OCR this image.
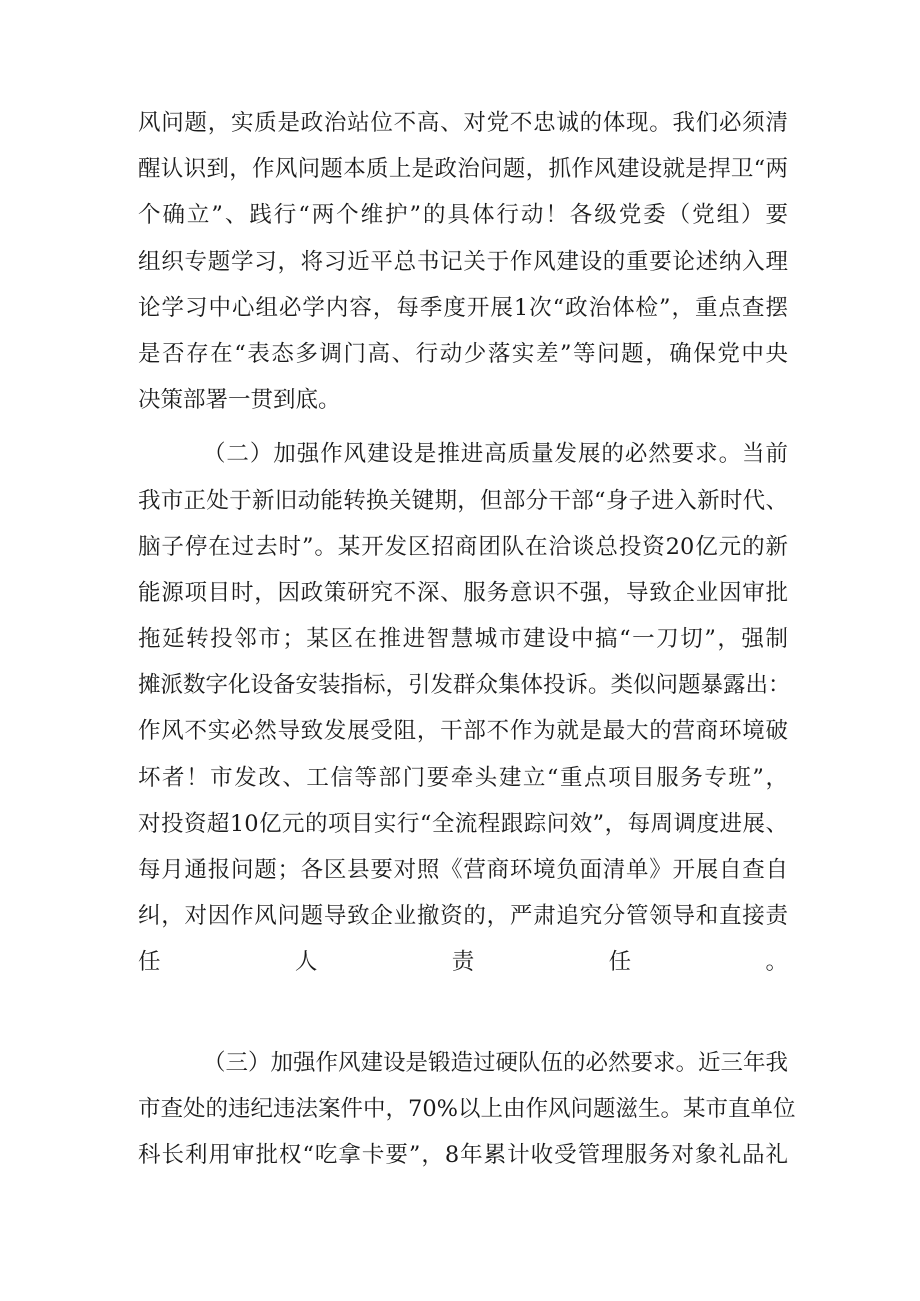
风问题，实质是政治站位不高、对党不忠诚的体现。我们必须清
醒认识到，作风问题本质上是政治问题，抓作风建设就是捍卫“两
个确立”、践行“两个维护”的具体行动！各级党委（党组）要
组织专题学习，将习近平总书记关于作风建设的重要论述纳入理
论学习中心组必学内容，每季度开展1次“政治体检”，重点查摆
是否存在“表态多调门高、行动少落实差”等问题，确保党中央
决策部署一贯到底。
（二）加强作风建设是推进高质量发展的必然要求。当前
我市正处于新旧动能转换关键期，但部分干部“身子进入新时代、
脑子停在过去时”。某开发区招商团队在洽谈总投资20亿元的新
能源项目时，因政策研究不深、服务意识不强，导致企业因审批
拖延转投邻市；某区在推进智慧城市建设中搞“一刀切”，强制
摊派数字化设备安装指标，引发群众集体投诉。类似问题暴露出：
作风不实必然导致发展受阻，干部不作为就是最大的营商环境破
坏者！市发改、工信等部门要牵头建立“重点项目服务专班”，
对投资超10亿元的项目实行“全流程跟踪问效”，每周调度进展、
每月通报问题；各区县要对照《营商环境负面清单》开展自查自
纠，对因作风问题导致企业撤资的，严肃追究分管领导和直接责
任人责任。
（三）加强作风建设是锻造过硬队伍的必然要求。近三年我
市查处的违纪违法案件中，70%以上由作风问题滋生。某市直单位
科长利用审批权“吃拿卡要”，8年累计收受管理服务对象礼品礼
